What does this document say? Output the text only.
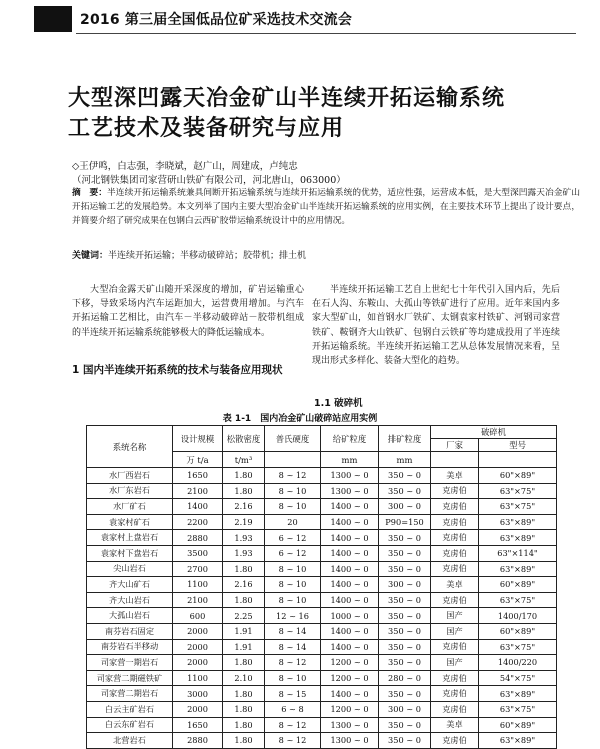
2016 第三届全国低品位矿采选技术交流会
大型深凹露天冶金矿山半连续开拓运输系统
工艺技术及装备研究与应用
◇王伊鸣，白志强，李晓斌，赵广山，周建成，卢纯忠
（河北钢铁集团司家营研山铁矿有限公司，河北唐山，063000）
摘　要：半连续开拓运输系统兼具间断开拓运输系统与连续开拓运输系统的优势，适应性强，运营成本低，是大型深凹露天冶金矿山开拓运输工艺的发展趋势。本文列举了国内主要大型冶金矿山半连续开拓运输系统的应用实例，在主要技术环节上提出了设计要点，并简要介绍了研究成果在包钢白云西矿胶带运输系统设计中的应用情况。
关键词：半连续开拓运输；半移动破碎站；胶带机；排土机
大型冶金露天矿山随开采深度的增加，矿岩运输重心下移，导致采场内汽车运距加大，运营费用增加。与汽车开拓运输工艺相比，由汽车－半移动破碎站－胶带机组成的半连续开拓运输系统能够极大的降低运输成本。
1 国内半连续开拓系统的技术与装备应用现状
半连续开拓运输工艺自上世纪七十年代引入国内后，先后在石人沟、东鞍山、大孤山等铁矿进行了应用。近年来国内多家大型矿山，如首钢水厂铁矿、太钢袁家村铁矿、河钢司家营铁矿、鞍钢齐大山铁矿、包钢白云铁矿等均建成投用了半连续开拓运输系统。半连续开拓运输工艺从总体发展情况来看，呈现出形式多样化、装备大型化的趋势。
1.1 破碎机
表 1-1　国内冶金矿山破碎站应用实例
系统名称	设计规模	松散密度	普氏硬度	给矿粒度	排矿粒度	破碎机
厂家 型号	

	万 t/a	t/m³		mm	mm		
水厂西岩石	1650	1.80	8 ~ 12	1300 ~ 0	350 ~ 0	美卓	60"×89"
水厂东岩石	2100	1.80	8 ~ 10	1300 ~ 0	350 ~ 0	克虏伯	63"×75"
水厂矿石	1400	2.16	8 ~ 10	1400 ~ 0	300 ~ 0	克虏伯	63"×75"
袁家村矿石	2200	2.19	20	1400 ~ 0	P90=150	克虏伯	63"×89"
袁家村上盘岩石	2880	1.93	6 ~ 12	1400 ~ 0	350 ~ 0	克虏伯	63"×89"
袁家村下盘岩石	3500	1.93	6 ~ 12	1400 ~ 0	350 ~ 0	克虏伯	63"×114"
尖山岩石	2700	1.80	8 ~ 10	1400 ~ 0	350 ~ 0	克虏伯	63"×89"
齐大山矿石	1100	2.16	8 ~ 10	1400 ~ 0	300 ~ 0	美卓	60"×89"
齐大山岩石	2100	1.80	8 ~ 10	1400 ~ 0	350 ~ 0	克虏伯	63"×75"
大孤山岩石	600	2.25	12 ~ 16	1000 ~ 0	350 ~ 0	国产	1400/170
南芬岩石固定	2000	1.91	8 ~ 14	1400 ~ 0	350 ~ 0	国产	60"×89"
南芬岩石半移动	2000	1.91	8 ~ 14	1400 ~ 0	350 ~ 0	克虏伯	63"×75"
司家营一期岩石	2000	1.80	8 ~ 12	1200 ~ 0	350 ~ 0	国产	1400/220
司家营二期磁铁矿	1100	2.10	8 ~ 10	1200 ~ 0	280 ~ 0	克虏伯	54"×75"
司家营二期岩石	3000	1.80	8 ~ 15	1400 ~ 0	350 ~ 0	克虏伯	63"×89"
白云主矿岩石	2000	1.80	6 ~ 8	1200 ~ 0	300 ~ 0	克虏伯	63"×75"
白云东矿岩石	1650	1.80	8 ~ 12	1300 ~ 0	350 ~ 0	美卓	60"×89"
北营岩石	2880	1.80	8 ~ 12	1300 ~ 0	350 ~ 0	克虏伯	63"×89"
